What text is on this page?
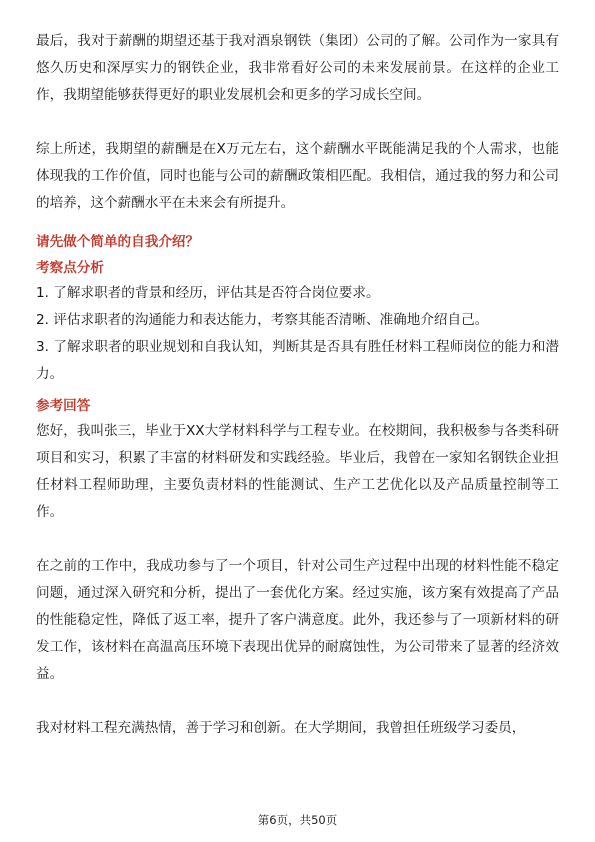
最后，我对于薪酬的期望还基于我对酒泉钢铁（集团）公司的了解。公司作为一家具有悠久历史和深厚实力的钢铁企业，我非常看好公司的未来发展前景。在这样的企业工作，我期望能够获得更好的职业发展机会和更多的学习成长空间。

综上所述，我期望的薪酬是在X万元左右，这个薪酬水平既能满足我的个人需求，也能体现我的工作价值，同时也能与公司的薪酬政策相匹配。我相信，通过我的努力和公司的培养，这个薪酬水平在未来会有所提升。

请先做个简单的自我介绍？

考察点分析

1. 了解求职者的背景和经历，评估其是否符合岗位要求。

2. 评估求职者的沟通能力和表达能力，考察其能否清晰、准确地介绍自己。

3. 了解求职者的职业规划和自我认知，判断其是否具有胜任材料工程师岗位的能力和潜力。

参考回答

您好，我叫张三，毕业于XX大学材料科学与工程专业。在校期间，我积极参与各类科研项目和实习，积累了丰富的材料研发和实践经验。毕业后，我曾在一家知名钢铁企业担任材料工程师助理，主要负责材料的性能测试、生产工艺优化以及产品质量控制等工作。

在之前的工作中，我成功参与了一个项目，针对公司生产过程中出现的材料性能不稳定问题，通过深入研究和分析，提出了一套优化方案。经过实施，该方案有效提高了产品的性能稳定性，降低了返工率，提升了客户满意度。此外，我还参与了一项新材料的研发工作，该材料在高温高压环境下表现出优异的耐腐蚀性，为公司带来了显著的经济效益。

我对材料工程充满热情，善于学习和创新。在大学期间，我曾担任班级学习委员，

第6页，共50页
